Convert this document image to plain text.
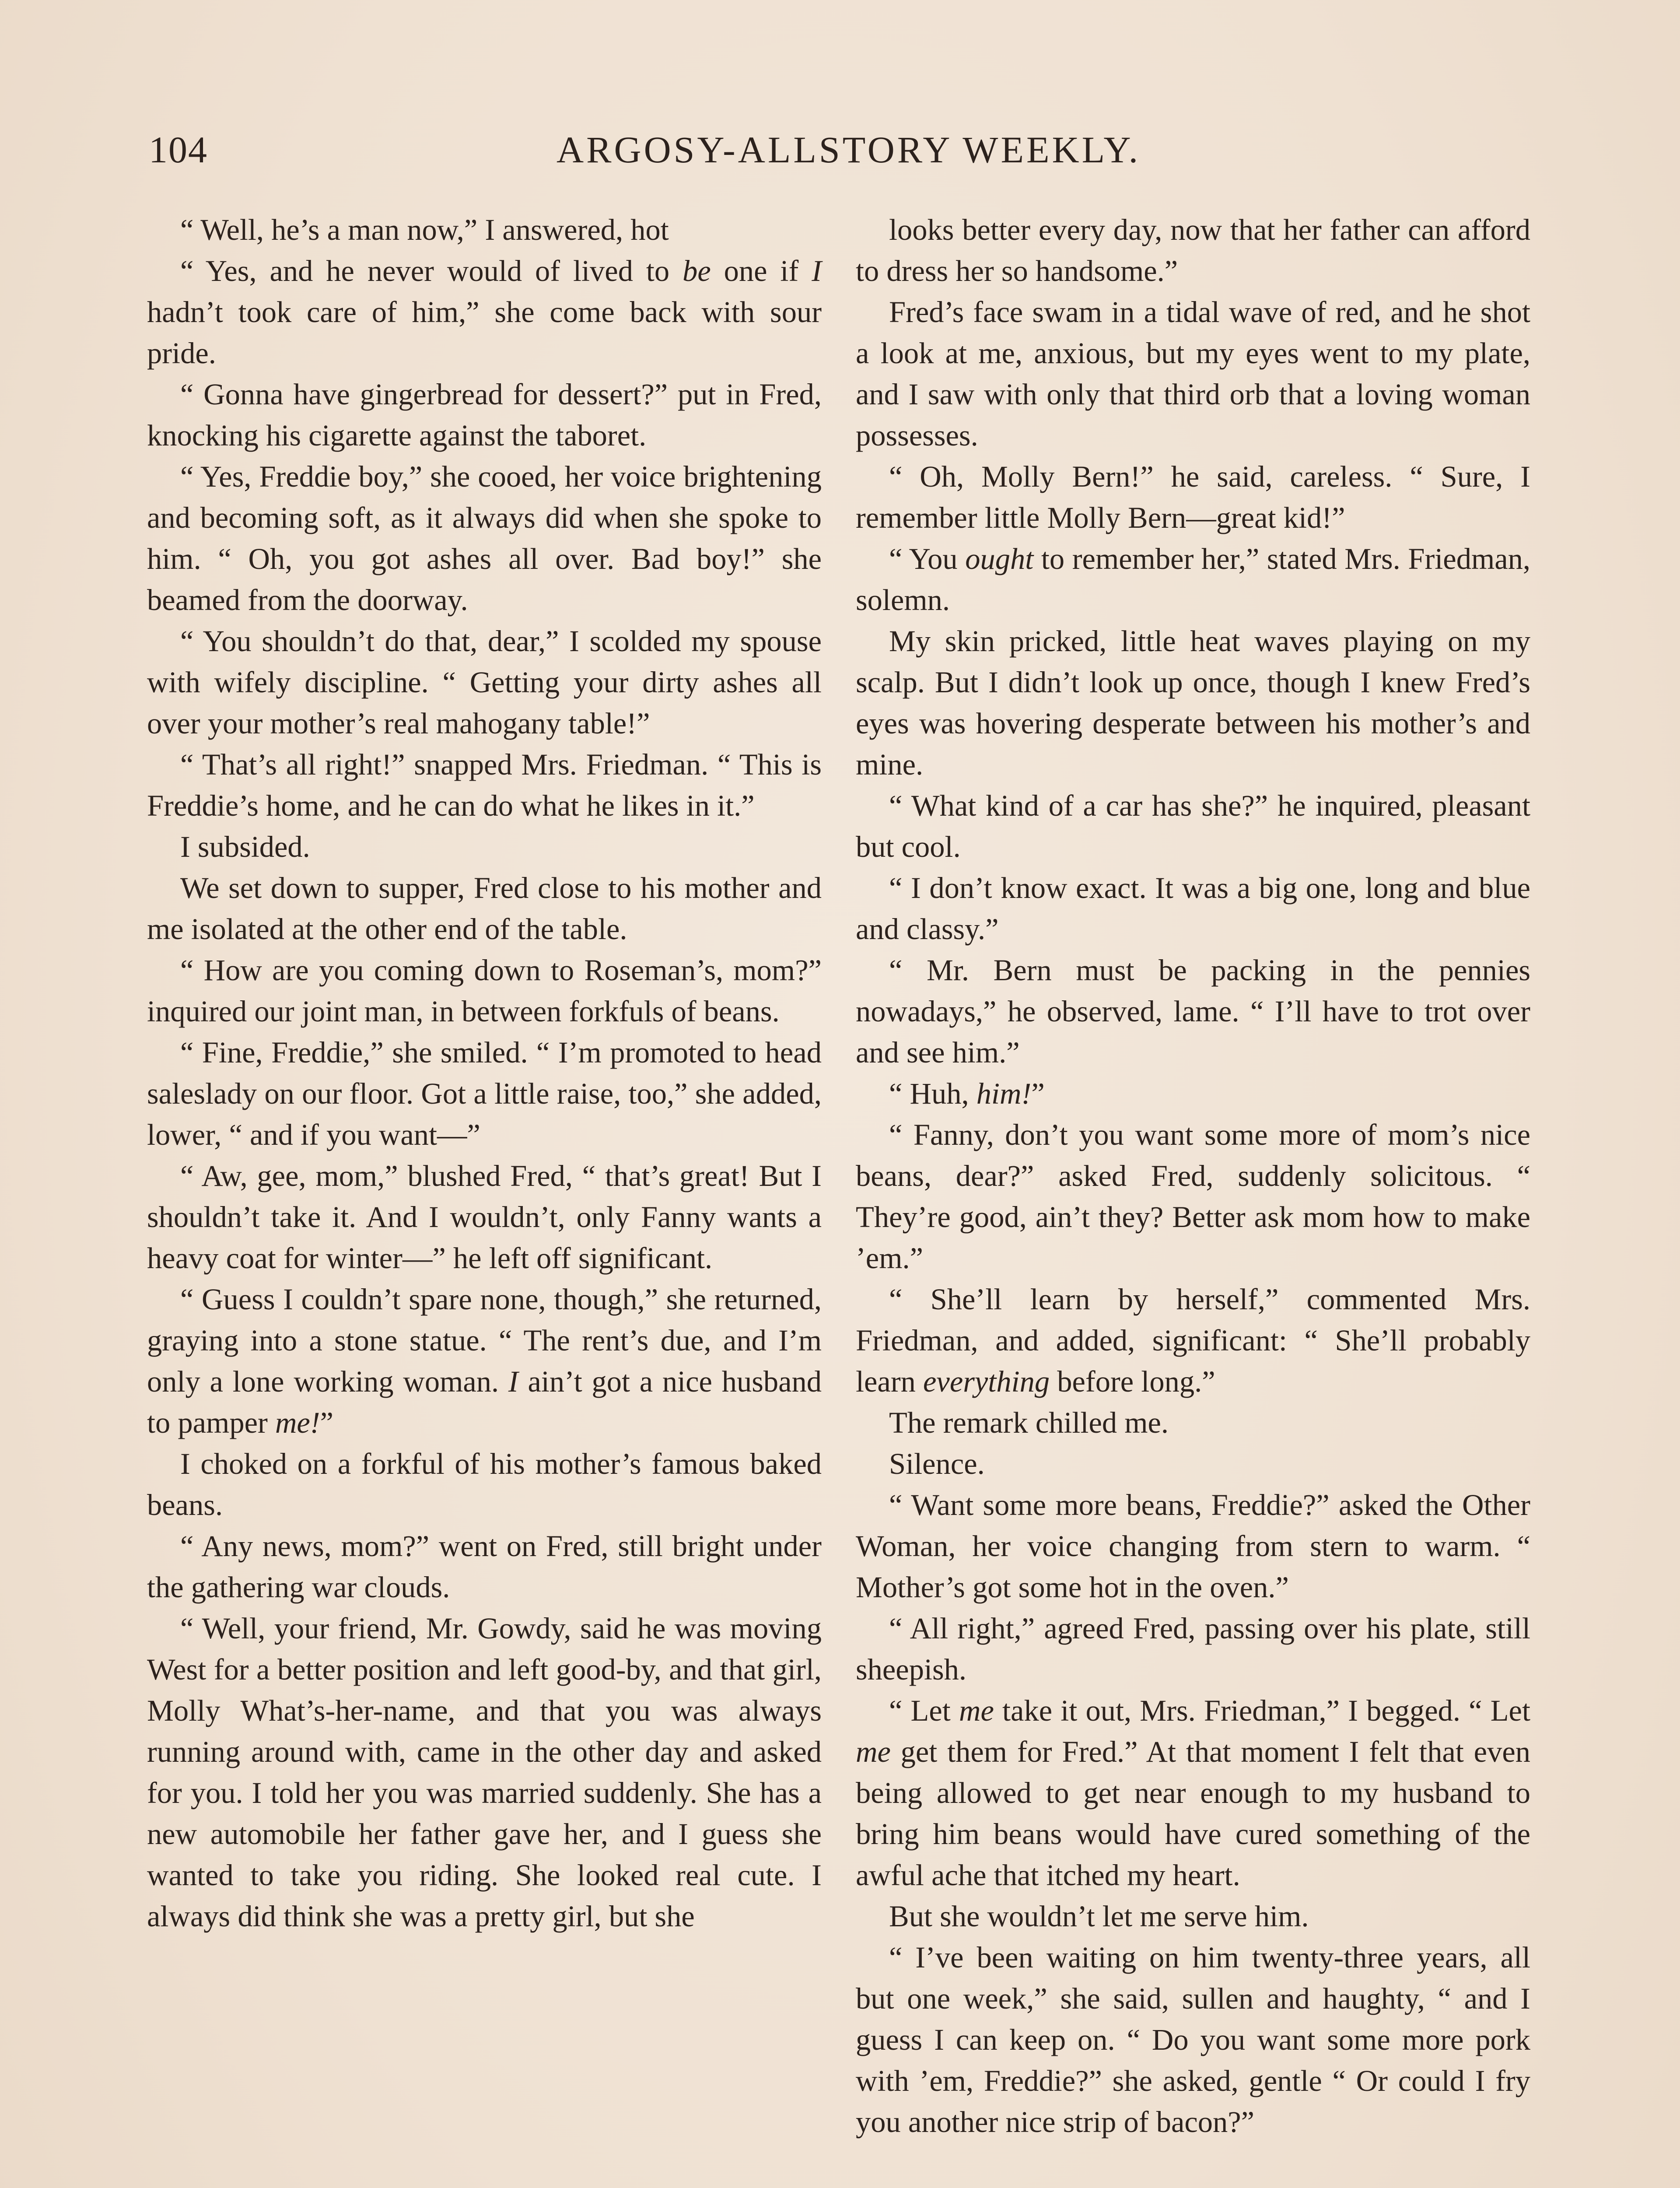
104	ARGOSY-ALLSTORY WEEKLY.

“ Well, he’s a man now,” I answered, hot

“ Yes, and he never would of lived to be one if I hadn’t took care of him,” she come back with sour pride.

“ Gonna have gingerbread for dessert?” put in Fred, knocking his cigarette against the taboret.

“ Yes, Freddie boy,” she cooed, her voice brightening and becoming soft, as it always did when she spoke to him. “ Oh, you got ashes all over. Bad boy!” she beamed from the doorway.

“ You shouldn’t do that, dear,” I scolded my spouse with wifely discipline. “ Getting your dirty ashes all over your mother’s real mahogany table!”

“ That’s all right!” snapped Mrs. Friedman. “ This is Freddie’s home, and he can do what he likes in it.”

I subsided.

We set down to supper, Fred close to his mother and me isolated at the other end of the table.

“ How are you coming down to Roseman’s, mom?” inquired our joint man, in between forkfuls of beans.

“ Fine, Freddie,” she smiled. “ I’m promoted to head saleslady on our floor. Got a little raise, too,” she added, lower, “ and if you want—”

“ Aw, gee, mom,” blushed Fred, “ that’s great! But I shouldn’t take it. And I wouldn’t, only Fanny wants a heavy coat for winter—” he left off significant.

“ Guess I couldn’t spare none, though,” she returned, graying into a stone statue. “ The rent’s due, and I’m only a lone working woman. I ain’t got a nice husband to pamper me!”

I choked on a forkful of his mother’s famous baked beans.

“ Any news, mom?” went on Fred, still bright under the gathering war clouds.

“ Well, your friend, Mr. Gowdy, said he was moving West for a better position and left good-by, and that girl, Molly What’s-her-name, and that you was always running around with, came in the other day and asked for you. I told her you was married suddenly. She has a new automobile her father gave her, and I guess she wanted to take you riding. She looked real cute. I always did think she was a pretty girl, but she

looks better every day, now that her father can afford to dress her so handsome.”

Fred’s face swam in a tidal wave of red, and he shot a look at me, anxious, but my eyes went to my plate, and I saw with only that third orb that a loving woman possesses.

“ Oh, Molly Bern!” he said, careless. “ Sure, I remember little Molly Bern—great kid!”

“ You ought to remember her,” stated Mrs. Friedman, solemn.

My skin pricked, little heat waves playing on my scalp. But I didn’t look up once, though I knew Fred’s eyes was hovering desperate between his mother’s and mine.

“ What kind of a car has she?” he inquired, pleasant but cool.

“ I don’t know exact. It was a big one, long and blue and classy.”

“ Mr. Bern must be packing in the pennies nowadays,” he observed, lame. “ I’ll have to trot over and see him.”

“ Huh, him!”

“ Fanny, don’t you want some more of mom’s nice beans, dear?” asked Fred, suddenly solicitous. “ They’re good, ain’t they? Better ask mom how to make ’em.”

“ She’ll learn by herself,” commented Mrs. Friedman, and added, significant: “ She’ll probably learn everything before long.”

The remark chilled me.

Silence.

“ Want some more beans, Freddie?” asked the Other Woman, her voice changing from stern to warm. “ Mother’s got some hot in the oven.”

“ All right,” agreed Fred, passing over his plate, still sheepish.

“ Let me take it out, Mrs. Friedman,” I begged. “ Let me get them for Fred.” At that moment I felt that even being allowed to get near enough to my husband to bring him beans would have cured something of the awful ache that itched my heart.

But she wouldn’t let me serve him.

“ I’ve been waiting on him twenty-three years, all but one week,” she said, sullen and haughty, “ and I guess I can keep on. “ Do you want some more pork with ’em, Freddie?” she asked, gentle “ Or could I fry you another nice strip of bacon?”
